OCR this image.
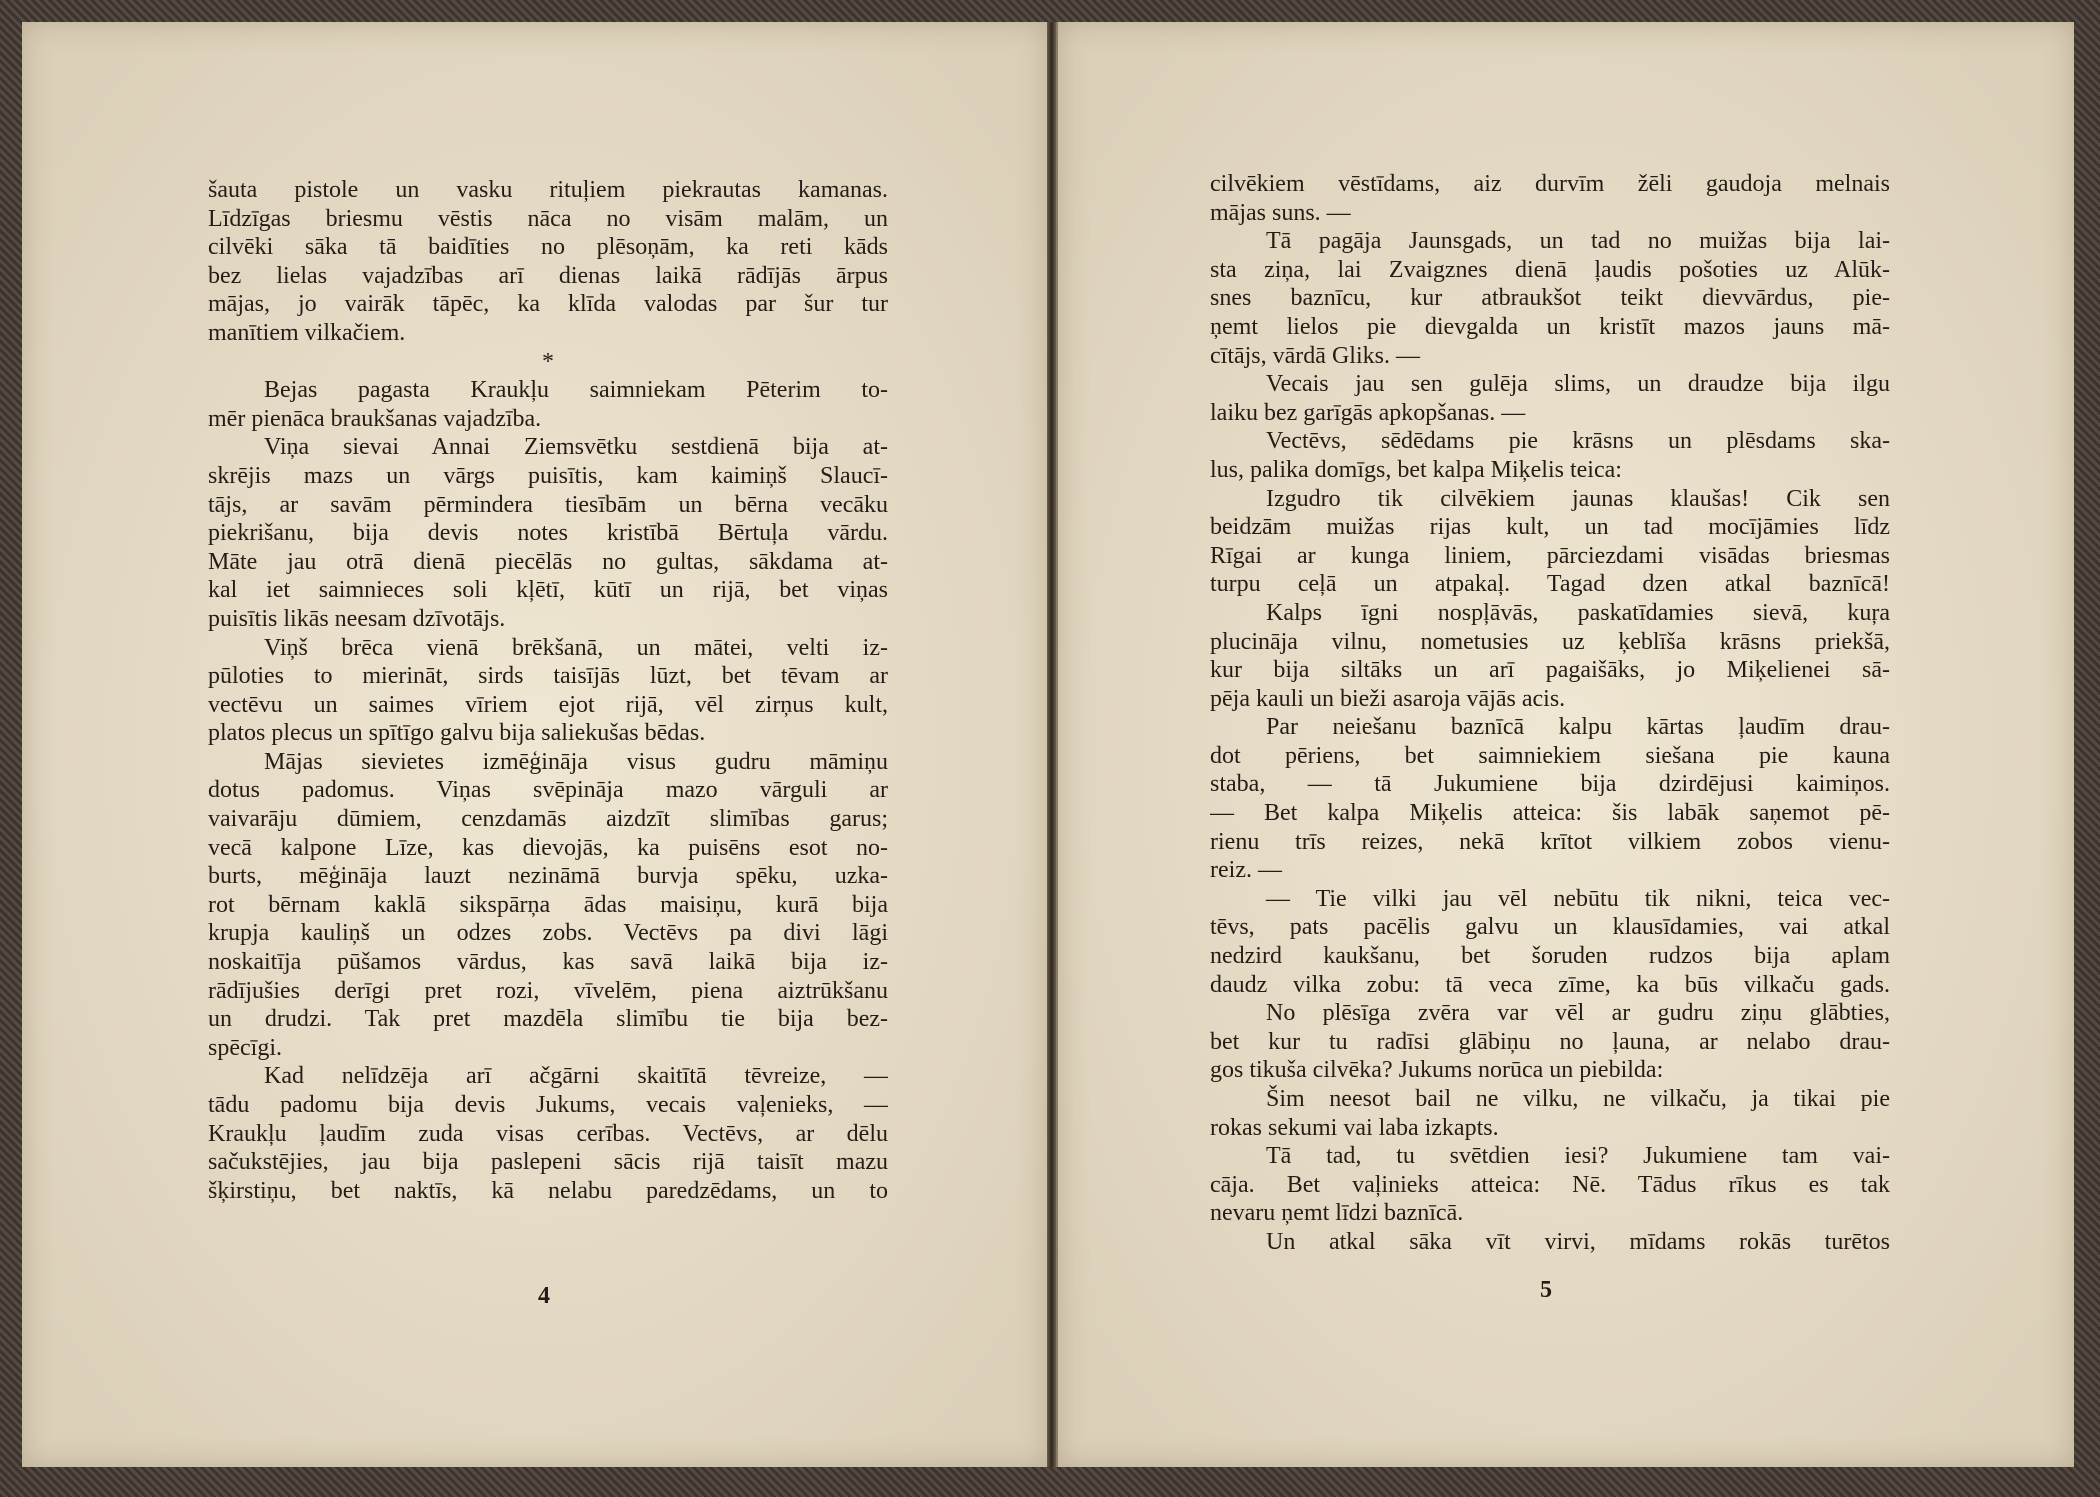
šauta pistole un vasku rituļiem piekrautas kamanas.
Līdzīgas briesmu vēstis nāca no visām malām, un
cilvēki sāka tā baidīties no plēsoņām, ka reti kāds
bez lielas vajadzības arī dienas laikā rādījās ārpus
mājas, jo vairāk tāpēc, ka klīda valodas par šur tur
manītiem vilkačiem.
*
Bejas pagasta Kraukļu saimniekam Pēterim to-
mēr pienāca braukšanas vajadzība.
Viņa sievai Annai Ziemsvētku sestdienā bija at-
skrējis mazs un vārgs puisītis, kam kaimiņš Slaucī-
tājs, ar savām pērminderа tiesībām un bērna vecāku
piekrišanu, bija devis notes kristībā Bērtuļa vārdu.
Māte jau otrā dienā piecēlās no gultas, sākdama at-
kal iet saimnieces soli kļētī, kūtī un rijā, bet viņas
puisītis likās neesam dzīvotājs.
Viņš brēca vienā brēkšanā, un mātei, velti iz-
pūloties to mierināt, sirds taisījās lūzt, bet tēvam ar
vectēvu un saimes vīriem ejot rijā, vēl zirņus kult,
platos plecus un spītīgo galvu bija saliekušas bēdas.
Mājas sievietes izmēģināja visus gudru māmiņu
dotus padomus. Viņas svēpināja mazo vārguli ar
vaivarāju dūmiem, cenzdamās aizdzīt slimības garus;
vecā kalpone Līze, kas dievojās, ka puisēns esot no-
burts, mēģināja lauzt nezināmā burvja spēku, uzka-
rot bērnam kaklā sikspārņa ādas maisiņu, kurā bija
krupja kauliņš un odzes zobs. Vectēvs pa divi lāgi
noskaitīja pūšamos vārdus, kas savā laikā bija iz-
rādījušies derīgi pret rozi, vīvelēm, piena aiztrūkšanu
un drudzi. Tak pret mazdēla slimību tie bija bez-
spēcīgi.
Kad nelīdzēja arī ačgārni skaitītā tēvreize, —
tādu padomu bija devis Jukums, vecais vaļenieks, —
Kraukļu ļaudīm zuda visas cerības. Vectēvs, ar dēlu
sačukstējies, jau bija paslepeni sācis rijā taisīt mazu
šķirstiņu, bet naktīs, kā nelabu paredzēdams, un to
cilvēkiem vēstīdams, aiz durvīm žēli gaudoja melnais
mājas suns. —
Tā pagāja Jaunsgads, un tad no muižas bija lai-
sta ziņa, lai Zvaigznes dienā ļaudis pošoties uz Alūk-
snes baznīcu, kur atbraukšot teikt dievvārdus, pie-
ņemt lielos pie dievgalda un kristīt mazos jauns mā-
cītājs, vārdā Gliks. —
Vecais jau sen gulēja slims, un draudze bija ilgu
laiku bez garīgās apkopšanas. —
Vectēvs, sēdēdams pie krāsns un plēsdams ska-
lus, palika domīgs, bet kalpa Miķelis teica:
Izgudro tik cilvēkiem jaunas klaušas! Cik sen
beidzām muižas rijas kult, un tad mocījāmies līdz
Rīgai ar kunga liniem, pārciezdami visādas briesmas
turpu ceļā un atpakaļ. Tagad dzen atkal baznīcā!
Kalps īgni nospļāvās, paskatīdamies sievā, kuŗa
plucināja vilnu, nometusies uz ķeblīša krāsns priekšā,
kur bija siltāks un arī pagaišāks, jo Miķelienei sā-
pēja kauli un bieži asaroja vājās acis.
Par neiešanu baznīcā kalpu kārtas ļaudīm drau-
dot pēriens, bet saimniekiem siešana pie kauna
staba, — tā Jukumiene bija dzirdējusi kaimiņos.
— Bet kalpa Miķelis atteica: šis labāk saņemot pē-
rienu trīs reizes, nekā krītot vilkiem zobos vienu-
reiz. —
— Tie vilki jau vēl nebūtu tik nikni, teica vec-
tēvs, pats pacēlis galvu un klausīdamies, vai atkal
nedzird kaukšanu, bet šoruden rudzos bija aplam
daudz vilka zobu: tā veca zīme, ka būs vilkaču gads.
No plēsīga zvēra var vēl ar gudru ziņu glābties,
bet kur tu radīsi glābiņu no ļauna, ar nelabo drau-
gos tikuša cilvēka? Jukums norūca un piebilda:
Šim neesot bail ne vilku, ne vilkaču, ja tikai pie
rokas sekumi vai laba izkapts.
Tā tad, tu svētdien iesi? Jukumiene tam vai-
cāja. Bet vaļinieks atteica: Nē. Tādus rīkus es tak
nevaru ņemt līdzi baznīcā.
Un atkal sāka vīt virvi, mīdams rokās turētos
4	5
